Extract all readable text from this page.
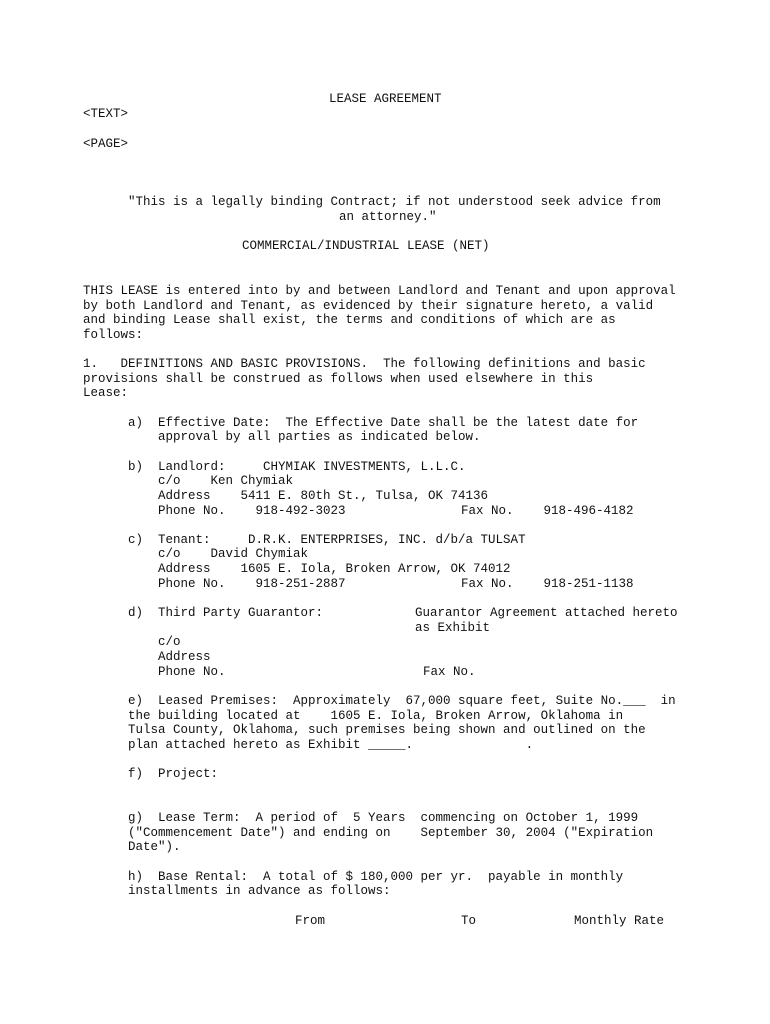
LEASE AGREEMENT
<TEXT>
<PAGE>
"This is a legally binding Contract; if not understood seek advice from
an attorney."
COMMERCIAL/INDUSTRIAL LEASE (NET)
THIS LEASE is entered into by and between Landlord and Tenant and upon approval
by both Landlord and Tenant, as evidenced by their signature hereto, a valid
and binding Lease shall exist, the terms and conditions of which are as
follows:
1.   DEFINITIONS AND BASIC PROVISIONS.  The following definitions and basic
provisions shall be construed as follows when used elsewhere in this
Lease:
a)  Effective Date:  The Effective Date shall be the latest date for
approval by all parties as indicated below.
b)  Landlord:     CHYMIAK INVESTMENTS, L.L.C.
c/o    Ken Chymiak
Address    5411 E. 80th St., Tulsa, OK 74136
Phone No.    918-492-3023	Fax No.    918-496-4182
c)  Tenant:     D.R.K. ENTERPRISES, INC. d/b/a TULSAT
c/o    David Chymiak
Address    1605 E. Iola, Broken Arrow, OK 74012
Phone No.    918-251-2887	Fax No.    918-251-1138
d)  Third Party Guarantor:	Guarantor Agreement attached hereto
as Exhibit
c/o
Address
Phone No.	Fax No.
e)  Leased Premises:  Approximately  67,000 square feet, Suite No.___  in
the building located at    1605 E. Iola, Broken Arrow, Oklahoma in
Tulsa County, Oklahoma, such premises being shown and outlined on the
plan attached hereto as Exhibit _____.               .
f)  Project:
g)  Lease Term:  A period of  5 Years  commencing on October 1, 1999
("Commencement Date") and ending on    September 30, 2004 ("Expiration
Date").
h)  Base Rental:  A total of $ 180,000 per yr.  payable in monthly
installments in advance as follows:
From	To	Monthly Rate
